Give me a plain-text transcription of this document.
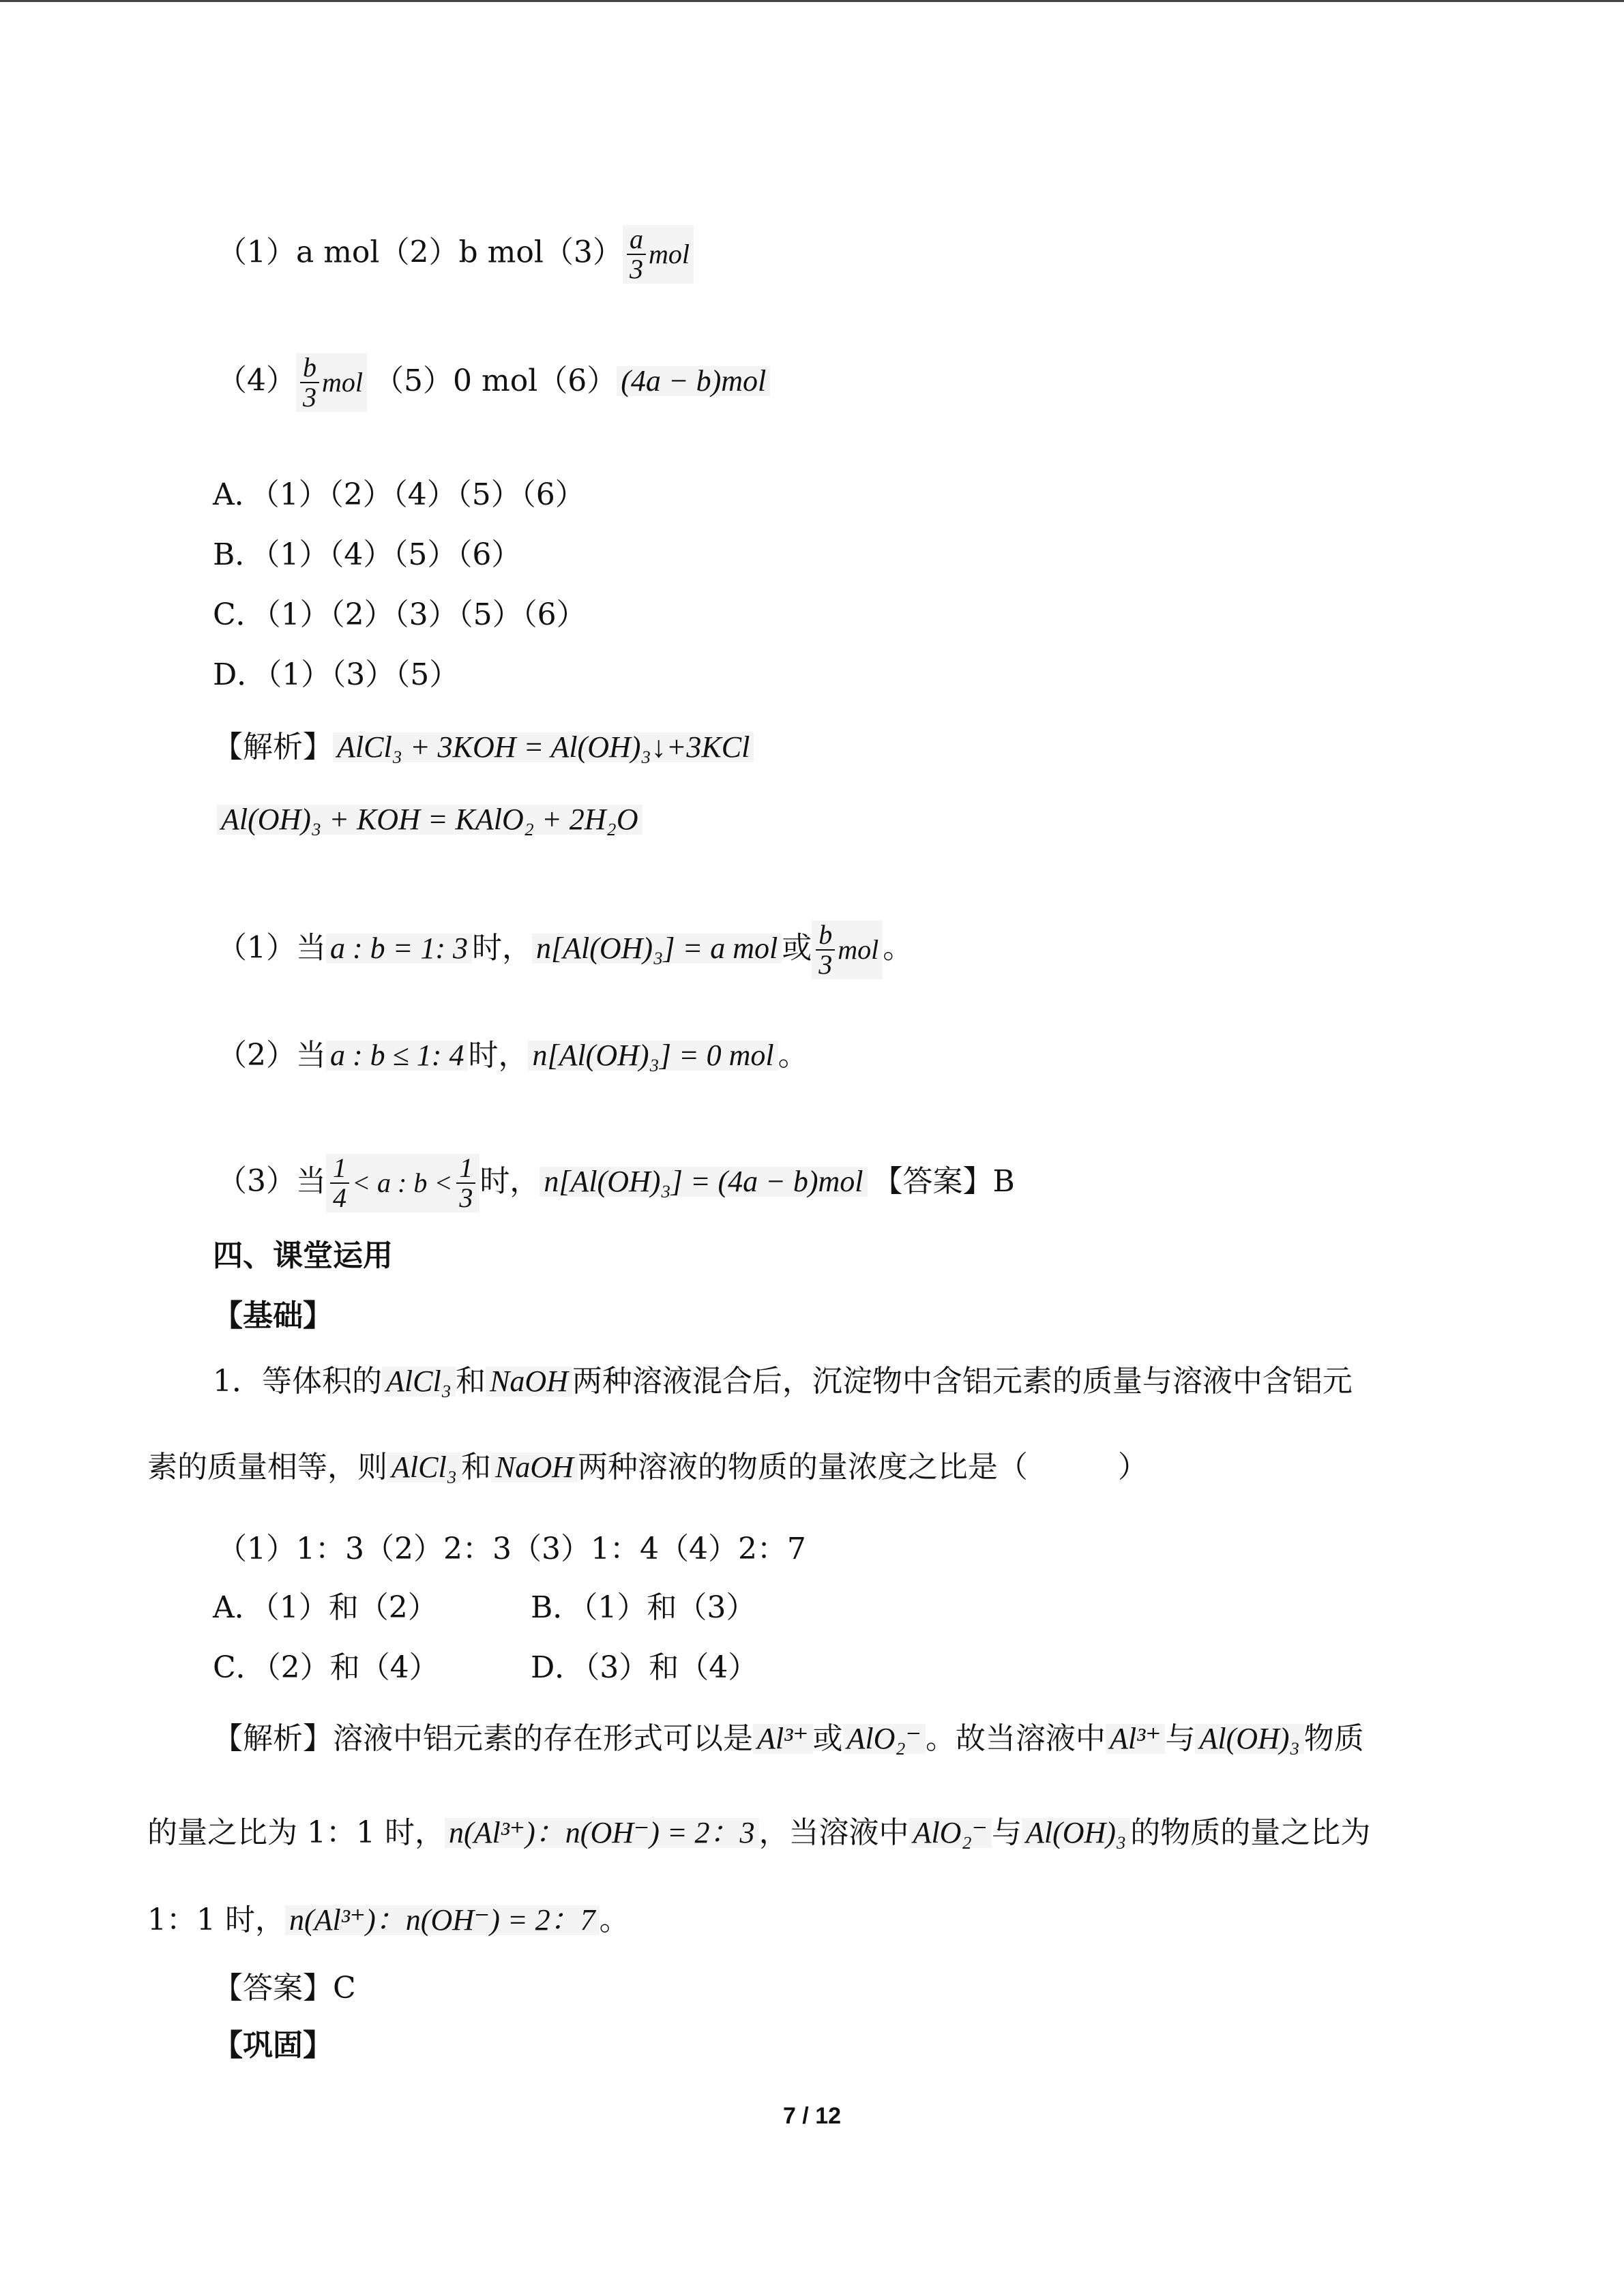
（1）a mol（2）b $mol(3) \frac{a}{3}$ mol
$(4) \frac{b}{3}$ mol （5）0 mol（6） (4a − b)mol
A．（1）（2）（4）（5）（6）
B．（1）（4）（5）（6）
C．（1）（2）（3）（5）（6）
D．（1）（3）（5）
【解析】 AlCl₃ + 3KOH = Al(OH)₃↓+3KCl
Al(OH)₃ + KOH = KAlO₂ + 2H₂O
（1）当 a : b = 1: 3 时， n[Al(OH)₃] = a mol 或 $\frac{b}{3}$ mol 。
（2）当 a : b ≤ 1: 4 时， n[Al(OH)₃] = 0 mol 。
（3）当 $\frac{1}{4} < a$ : $b < \frac{1}{3}$ 时， n[Al(OH)₃] = (4a − b)mol 【答案】B
四、课堂运用
【基础】
1．等体积的 AlCl₃ 和 NaOH 两种溶液混合后，沉淀物中含铝元素的质量与溶液中含铝元
素的质量相等，则 AlCl₃ 和 NaOH 两种溶液的物质的量浓度之比是（　　　）
（1）1：3（2）2：3（3）1：4（4）2：7
A．（1）和（2）	B．（1）和（3）
C．（2）和（4）	D．（3）和（4）
【解析】溶液中铝元素的存在形式可以是 Al³⁺ 或 AlO₂⁻ 。故当溶液中 Al³⁺ 与 Al(OH)₃ 物质
的量之比为 1：1 时， n(Al³⁺)：n(OH⁻) = 2：3 ，当溶液中 AlO₂⁻ 与 Al(OH)₃ 的物质的量之比为
1：1 时， n(Al³⁺)：n(OH⁻) = 2：7 。
【答案】C
【巩固】
7 / 12
